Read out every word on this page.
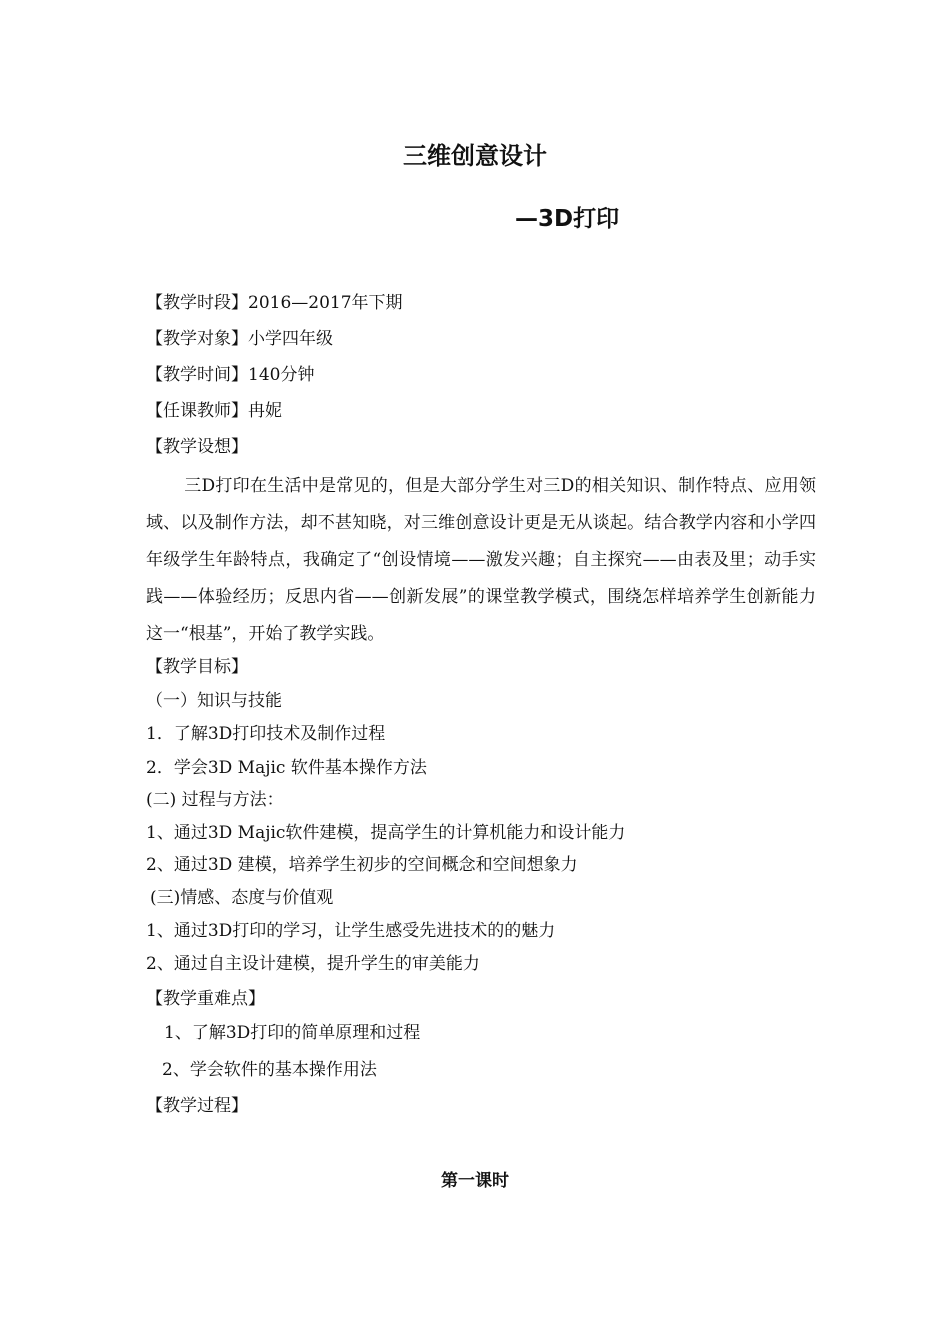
三维创意设计
—3D打印
【教学时段】2016—2017年下期
【教学对象】小学四年级
【教学时间】140分钟
【任课教师】冉妮
【教学设想】
三D打印在生活中是常见的，但是大部分学生对三D的相关知识、制作特点、应用领域、以及制作方法，却不甚知晓，对三维创意设计更是无从谈起。结合教学内容和小学四年级学生年龄特点，我确定了“创设情境——激发兴趣；自主探究——由表及里；动手实践——体验经历；反思内省——创新发展”的课堂教学模式，围绕怎样培养学生创新能力这一“根基”，开始了教学实践。
【教学目标】
（一）知识与技能
1．了解3D打印技术及制作过程
2．学会3D Majic 软件基本操作方法
(二) 过程与方法：
1、通过3D Majic软件建模，提高学生的计算机能力和设计能力
2、通过3D 建模，培养学生初步的空间概念和空间想象力
(三)情感、态度与价值观
1、通过3D打印的学习，让学生感受先进技术的的魅力
2、通过自主设计建模，提升学生的审美能力
【教学重难点】
1、了解3D打印的简单原理和过程
2、学会软件的基本操作用法
【教学过程】
第一课时
